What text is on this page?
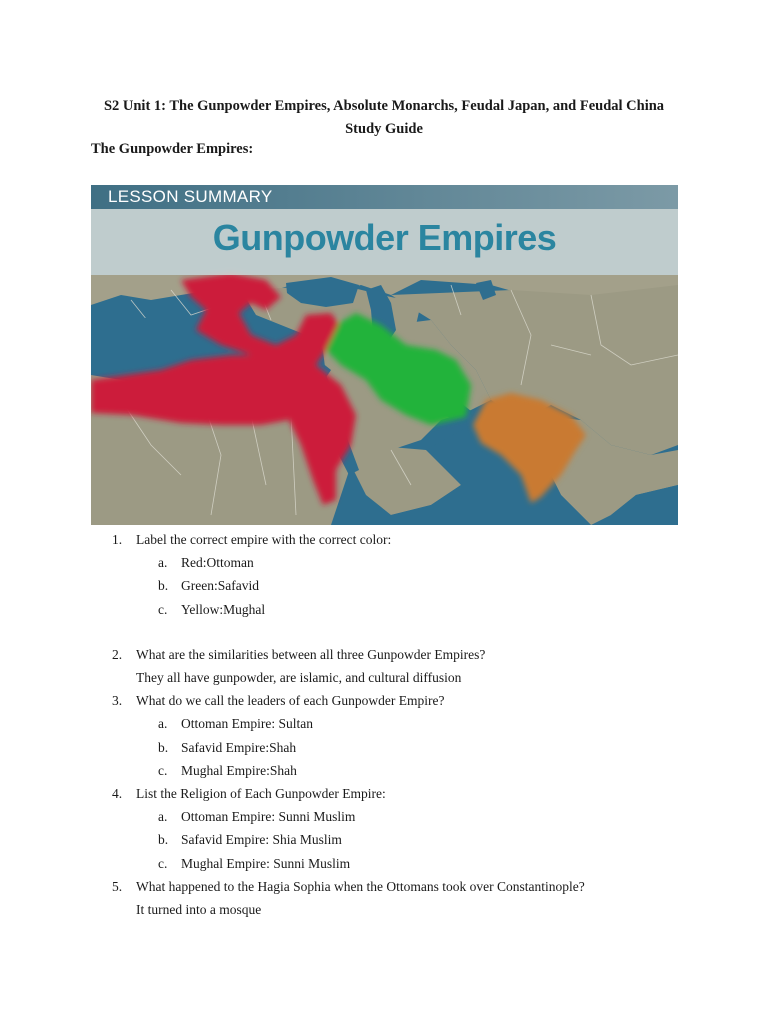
S2 Unit 1: The Gunpowder Empires, Absolute Monarchs, Feudal Japan, and Feudal China
Study Guide
The Gunpowder Empires:
LESSON SUMMARY
Gunpowder Empires
1. Label the correct empire with the correct color:
a. Red:Ottoman
b. Green:Safavid
c. Yellow:Mughal
2. What are the similarities between all three Gunpowder Empires?
They all have gunpowder, are islamic, and cultural diffusion
3. What do we call the leaders of each Gunpowder Empire?
a. Ottoman Empire: Sultan
b. Safavid Empire:Shah
c. Mughal Empire:Shah
4. List the Religion of Each Gunpowder Empire:
a. Ottoman Empire: Sunni Muslim
b. Safavid Empire: Shia Muslim
c. Mughal Empire: Sunni Muslim
5. What happened to the Hagia Sophia when the Ottomans took over Constantinople?
It turned into a mosque
